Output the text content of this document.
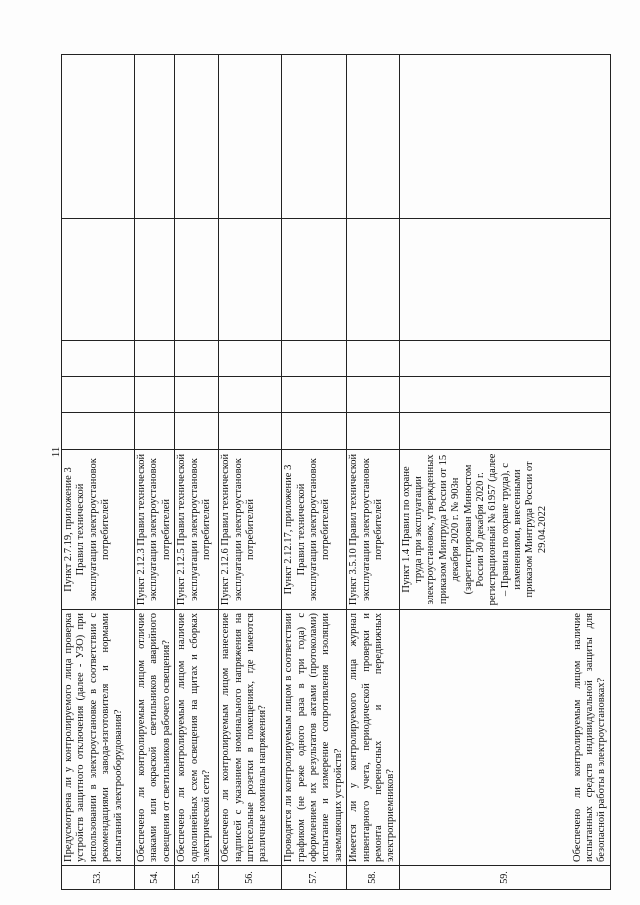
11
53.	Предусмотрена ли у контролируемого лица проверка устройств защитного отключения (далее - УЗО) при использовании в электроустановке в соответствии с рекомендациями завода-изготовителя и нормами испытаний электрооборудования?	Пункт 2.7.19, приложение 3 Правил технической эксплуатации электроустановок потребителей					
54.	Обеспечено ли контролируемым лицом отличие знаками или окраской светильников аварийного освещения от светильников рабочего освещения?	Пункт 2.12.3 Правил технической эксплуатации электроустановок потребителей					
55.	Обеспечено ли контролируемым лицом наличие однолинейных схем освещения на щитах и сборках электрической сети?	Пункт 2.12.5 Правил технической эксплуатации электроустановок потребителей					
56.	Обеспечено ли контролируемым лицом нанесение надписей с указанием номинального напряжения на штепсельные розетки в помещениях, где имеются различные номиналы напряжения?	Пункт 2.12.6 Правил технической эксплуатации электроустановок потребителей					
57.	Проводятся ли контролируемым лицом в соответствии графиком (не реже одного раза в три года) с оформлением их результатов актами (протоколами) испытание и измерение сопротивления изоляции заземляющих устройств?	Пункт 2.12.17, приложение 3 Правил технической эксплуатации электроустановок потребителей					
58.	Имеется ли у контролируемого лица журнал инвентарного учета, периодической проверки и ремонта переносных и передвижных электроприемников?	Пункт 3.5.10 Правил технической эксплуатации электроустановок потребителей					
59.	Обеспечено ли контролируемым лицом наличие испытанных средств индивидуальной защиты для безопасной работы в электроустановках?	Пункт 1.4 Правил по охране труда при эксплуатации электроустановок, утвержденных приказом Минтруда России от 15 декабря 2020 г. № 903н (зарегистрирован Минюстом России 30 декабря 2020 г. регистрационный № 61957 (далее – Правила по охране труда), с изменениями, внесенными приказом Минтруда России от 29.04.2022					
